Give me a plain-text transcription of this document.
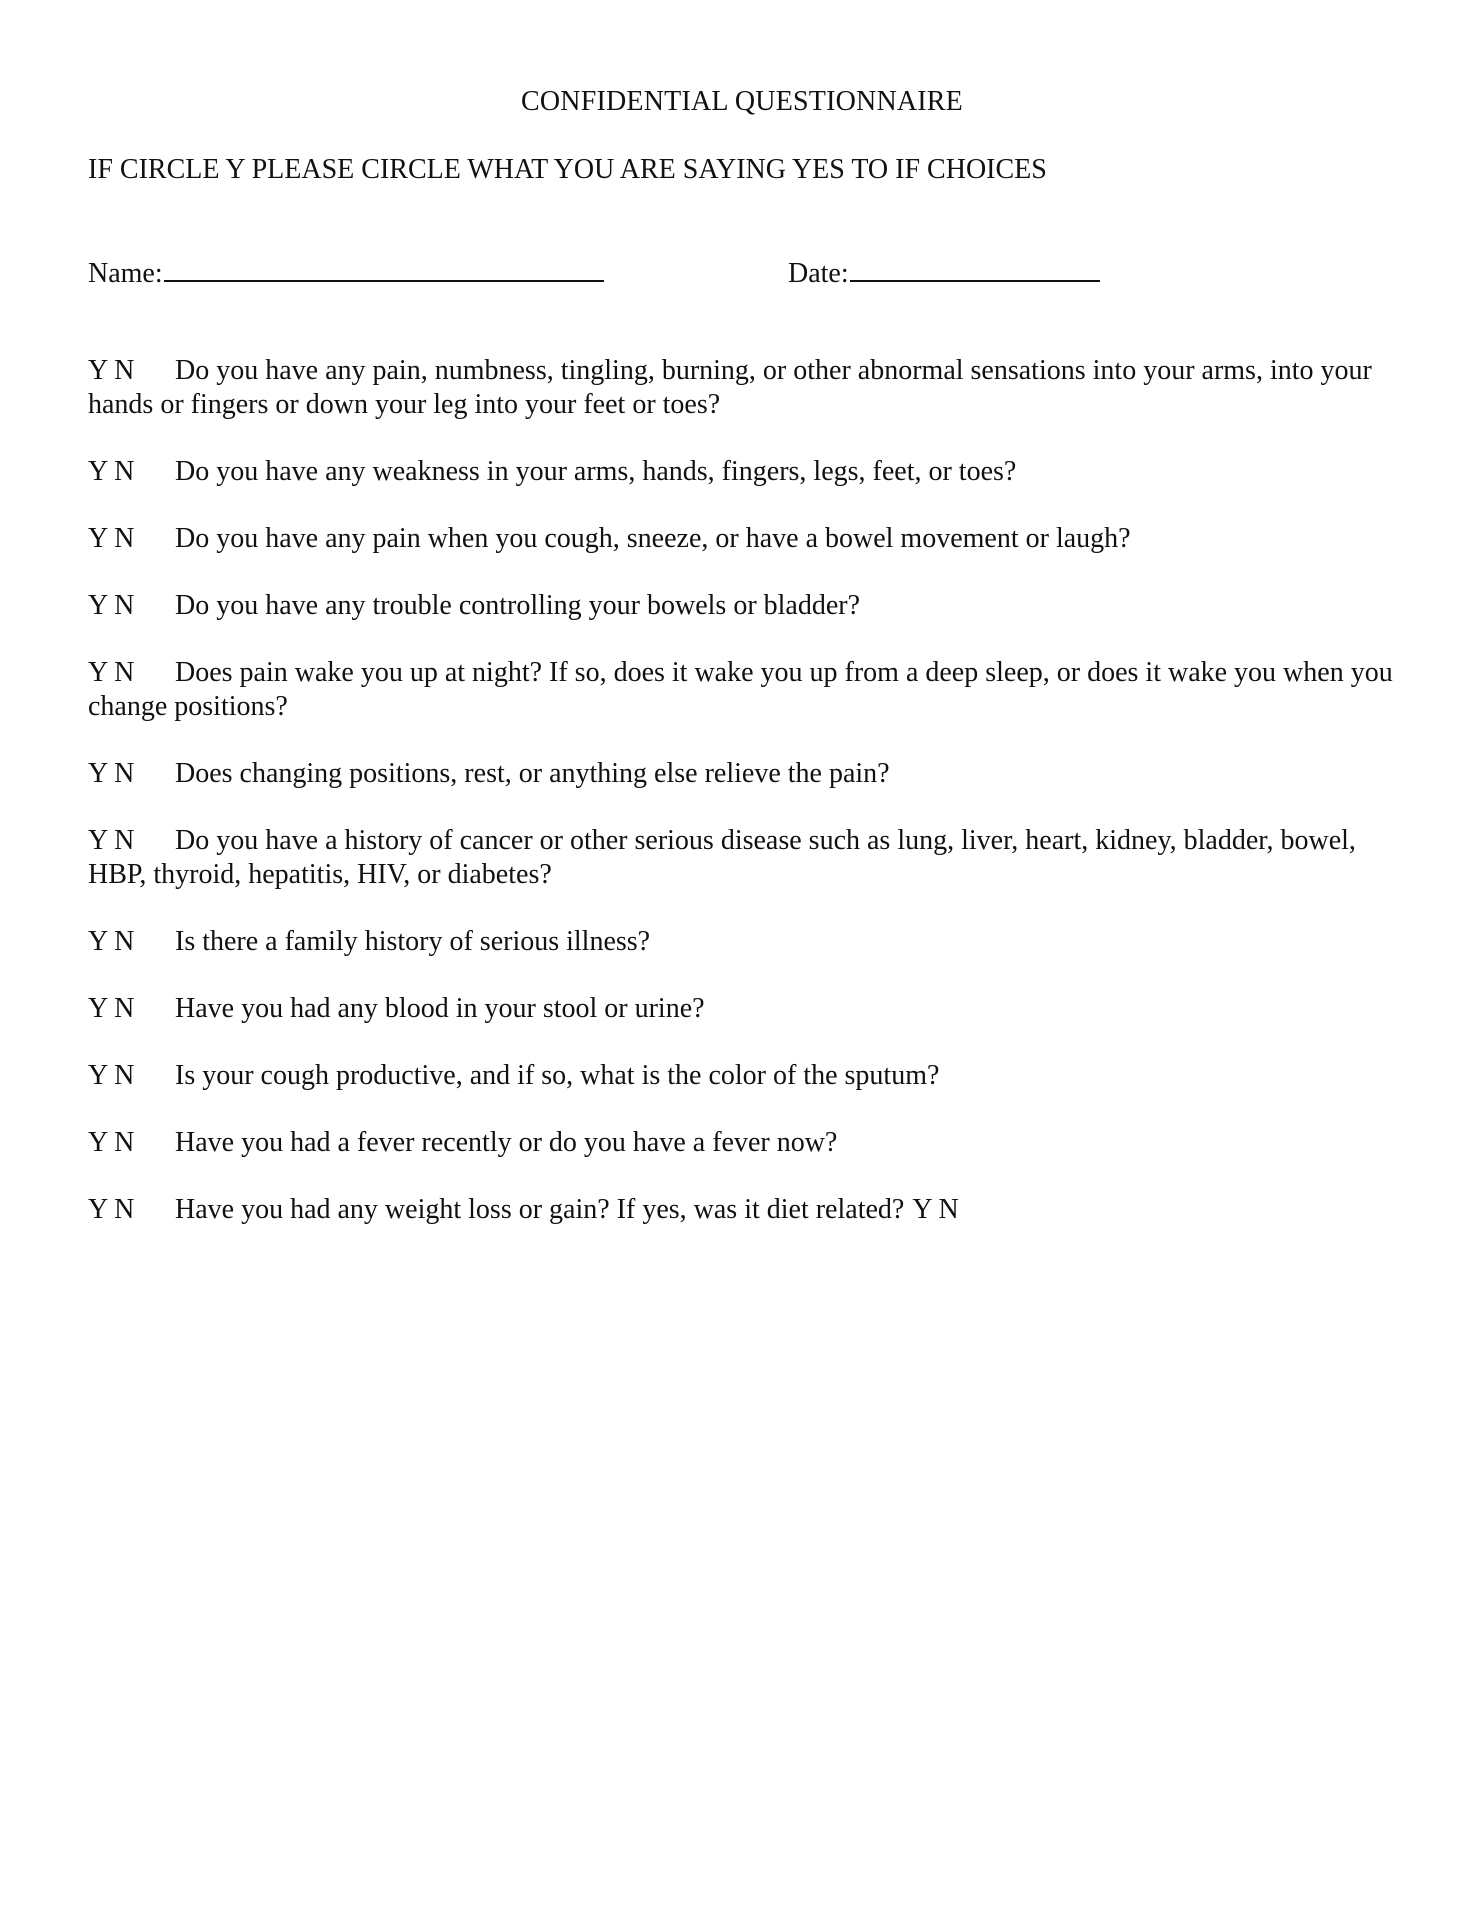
CONFIDENTIAL QUESTIONNAIRE
IF CIRCLE Y PLEASE CIRCLE WHAT YOU ARE SAYING YES TO IF CHOICES
Name:	Date:
Y N Do you have any pain, numbness, tingling, burning, or other abnormal sensations into your arms, into your hands or fingers or down your leg into your feet or toes?
Y N Do you have any weakness in your arms, hands, fingers, legs, feet, or toes?
Y N Do you have any pain when you cough, sneeze, or have a bowel movement or laugh?
Y N Do you have any trouble controlling your bowels or bladder?
Y N Does pain wake you up at night? If so, does it wake you up from a deep sleep, or does it wake you when you change positions?
Y N Does changing positions, rest, or anything else relieve the pain?
Y N Do you have a history of cancer or other serious disease such as lung, liver, heart, kidney, bladder, bowel, HBP, thyroid, hepatitis, HIV, or diabetes?
Y N Is there a family history of serious illness?
Y N Have you had any blood in your stool or urine?
Y N Is your cough productive, and if so, what is the color of the sputum?
Y N Have you had a fever recently or do you have a fever now?
Y N Have you had any weight loss or gain? If yes, was it diet related? Y N
